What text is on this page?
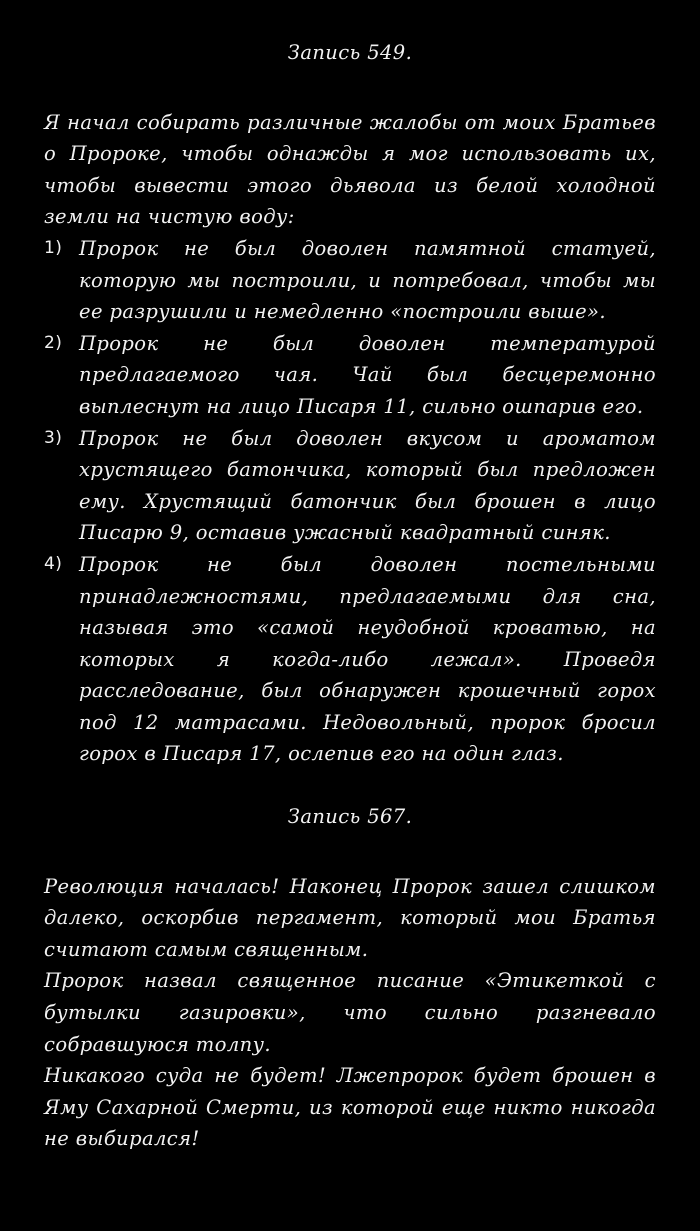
Запись 549.

Я начал собирать различные жалобы от моих Братьев о Пророке, чтобы однажды я мог использовать их, чтобы вывести этого дьявола из белой холодной земли на чистую воду:

1) Пророк не был доволен памятной статуей, которую мы построили, и потребовал, чтобы мы ее разрушили и немедленно «построили выше».
2) Пророк не был доволен температурой предлагаемого чая. Чай был бесцеремонно выплеснут на лицо Писаря 11, сильно ошпарив его.
3) Пророк не был доволен вкусом и ароматом хрустящего батончика, который был предложен ему. Хрустящий батончик был брошен в лицо Писарю 9, оставив ужасный квадратный синяк.
4) Пророк не был доволен постельными принадлежностями, предлагаемыми для сна, называя это «самой неудобной кроватью, на которых я когда-либо лежал». Проведя расследование, был обнаружен крошечный горох под 12 матрасами. Недовольный, пророк бросил горох в Писаря 17, ослепив его на один глаз.
Запись 567.

Революция началась! Наконец Пророк зашел слишком далеко, оскорбив пергамент, который мои Братья считают самым священным.

Пророк назвал священное писание «Этикеткой с бутылки газировки», что сильно разгневало собравшуюся толпу.

Никакого суда не будет! Лжепророк будет брошен в Яму Сахарной Смерти, из которой еще никто никогда не выбирался!
